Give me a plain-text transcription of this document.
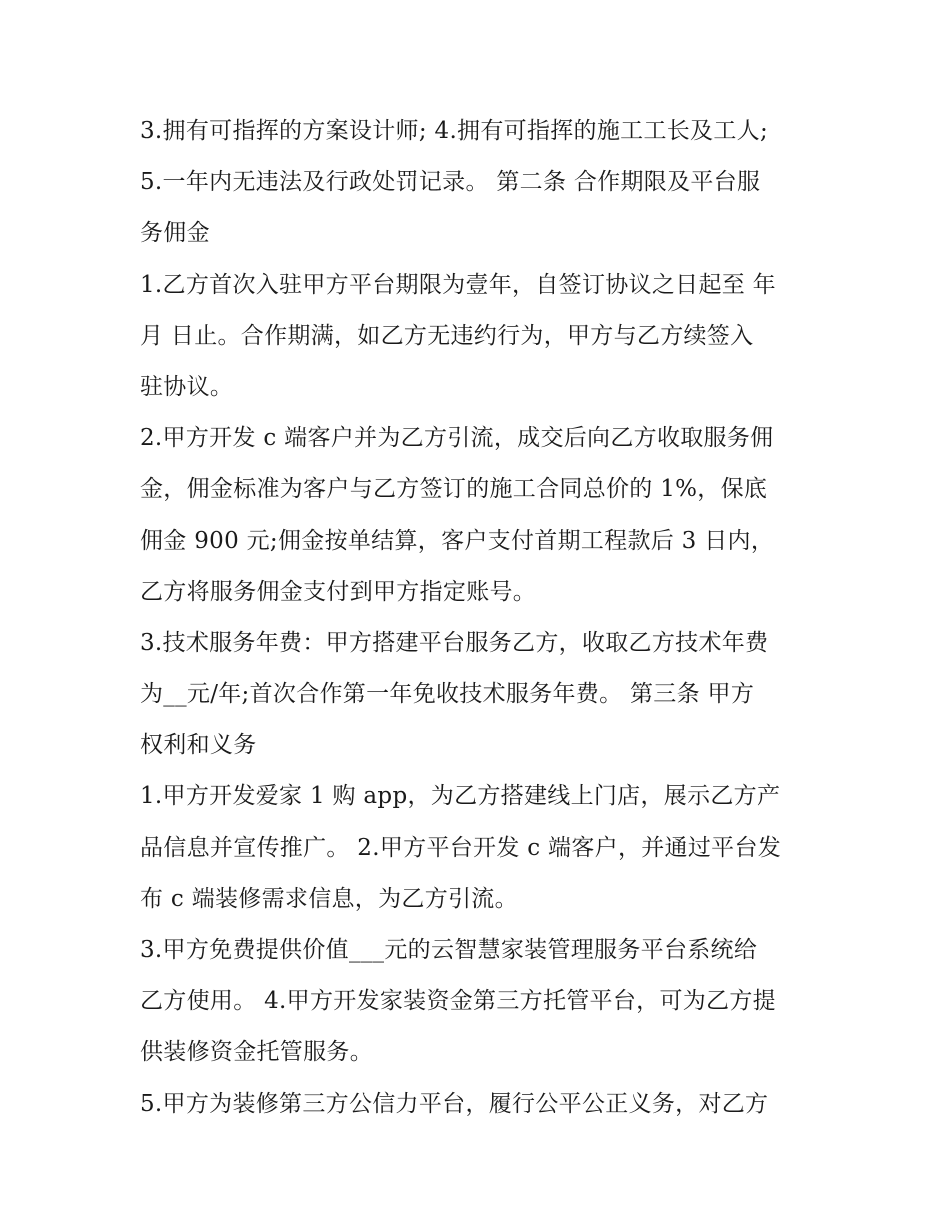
3.拥有可指挥的方案设计师; 4.拥有可指挥的施工工长及工人;
5.一年内无违法及行政处罚记录。 第二条 合作期限及平台服
务佣金
1.乙方首次入驻甲方平台期限为壹年，自签订协议之日起至 年
月 日止。合作期满，如乙方无违约行为，甲方与乙方续签入
驻协议。
2.甲方开发 c 端客户并为乙方引流，成交后向乙方收取服务佣
金，佣金标准为客户与乙方签订的施工合同总价的 1%，保底
佣金 900 元;佣金按单结算，客户支付首期工程款后 3 日内，
乙方将服务佣金支付到甲方指定账号。
3.技术服务年费：甲方搭建平台服务乙方，收取乙方技术年费
为__元/年;首次合作第一年免收技术服务年费。 第三条 甲方
权利和义务
1.甲方开发爱家 1 购 app，为乙方搭建线上门店，展示乙方产
品信息并宣传推广。 2.甲方平台开发 c 端客户，并通过平台发
布 c 端装修需求信息，为乙方引流。
3.甲方免费提供价值___元的云智慧家装管理服务平台系统给
乙方使用。 4.甲方开发家装资金第三方托管平台，可为乙方提
供装修资金托管服务。
5.甲方为装修第三方公信力平台，履行公平公正义务，对乙方
